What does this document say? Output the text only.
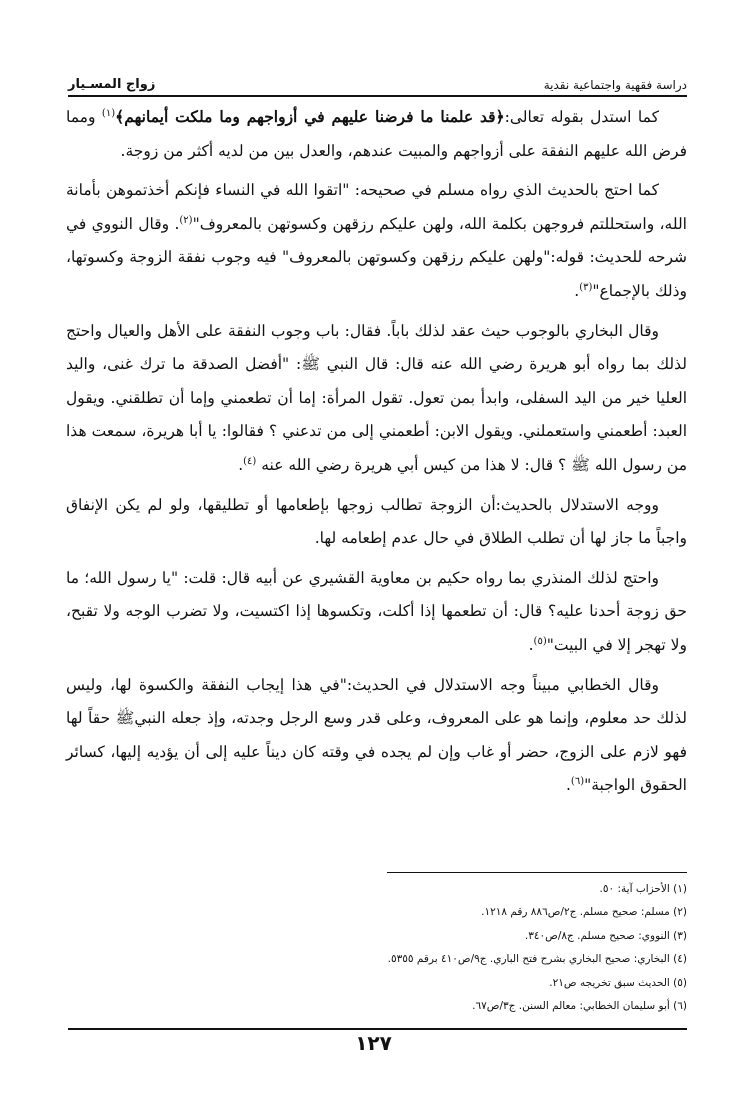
دراسة فقهية واجتماعية نقدية
زواج المسـيار

كما استدل بقوله تعالى:﴿قد علمنا ما فرضنا عليهم في أزواجهم وما ملكت أيمانهم﴾$^{(١)}$ ومما فرض الله عليهم النفقة على أزواجهم والمبيت عندهم، والعدل بين من لديه أكثر من زوجة.

كما احتج بالحديث الذي رواه مسلم في صحيحه: "اتقوا الله في النساء فإنكم أخذتموهن بأمانة الله، واستحللتم فروجهن بكلمة الله، ولهن عليكم رزقهن وكسوتهن بالمعروف"$^{(٢)}$. وقال النووي في شرحه للحديث: قوله:"ولهن عليكم رزقهن وكسوتهن بالمعروف" فيه وجوب نفقة الزوجة وكسوتها، وذلك بالإجماع"$^{(٣)}$.

وقال البخاري بالوجوب حيث عقد لذلك باباً. فقال: باب وجوب النفقة على الأهل والعيال واحتج لذلك بما رواه أبو هريرة رضي الله عنه قال: قال النبي ﷺ: "أفضل الصدقة ما ترك غنى، واليد العليا خير من اليد السفلى، وابدأ بمن تعول. تقول المرأة: إما أن تطعمني وإما أن تطلقني. ويقول العبد: أطعمني واستعملني. ويقول الابن: أطعمني إلى من تدعني ؟ فقالوا: يا أبا هريرة، سمعت هذا من رسول الله ﷺ ؟ قال: لا هذا من كيس أبي هريرة رضي الله عنه $^{(٤)}$.

ووجه الاستدلال بالحديث:أن الزوجة تطالب زوجها بإطعامها أو تطليقها، ولو لم يكن الإنفاق واجباً ما جاز لها أن تطلب الطلاق في حال عدم إطعامه لها.

واحتج لذلك المنذري بما رواه حكيم بن معاوية القشيري عن أبيه قال: قلت: "يا رسول الله؛ ما حق زوجة أحدنا عليه؟ قال: أن تطعمها إذا أكلت، وتكسوها إذا اكتسيت، ولا تضرب الوجه ولا تقبح، ولا تهجر إلا في البيت"$^{(٥)}$.

وقال الخطابي مبيناً وجه الاستدلال في الحديث:"في هذا إيجاب النفقة والكسوة لها، وليس لذلك حد معلوم، وإنما هو على المعروف، وعلى قدر وسع الرجل وجدته، وإذ جعله النبيﷺ حقاً لها فهو لازم على الزوج، حضر أو غاب وإن لم يجده في وقته كان ديناً عليه إلى أن يؤديه إليها، كسائر الحقوق الواجبة"$^{(٦)}$.

(١) الأحزاب آية: ٥٠.
(٢) مسلم: صحيح مسلم. ج٢/ص٨٨٦ رقم ١٢١٨.
(٣) النووي: صحيح مسلم. ج٨/ص٣٤٠.
(٤) البخاري: صحيح البخاري بشرح فتح الباري. ج٩/ص٤١٠ برقم ٥٣٥٥.
(٥) الحديث سبق تخريجه ص٢١.
(٦) أبو سليمان الخطابي: معالم السنن. ج٣/ص٦٧.
١٢٧
